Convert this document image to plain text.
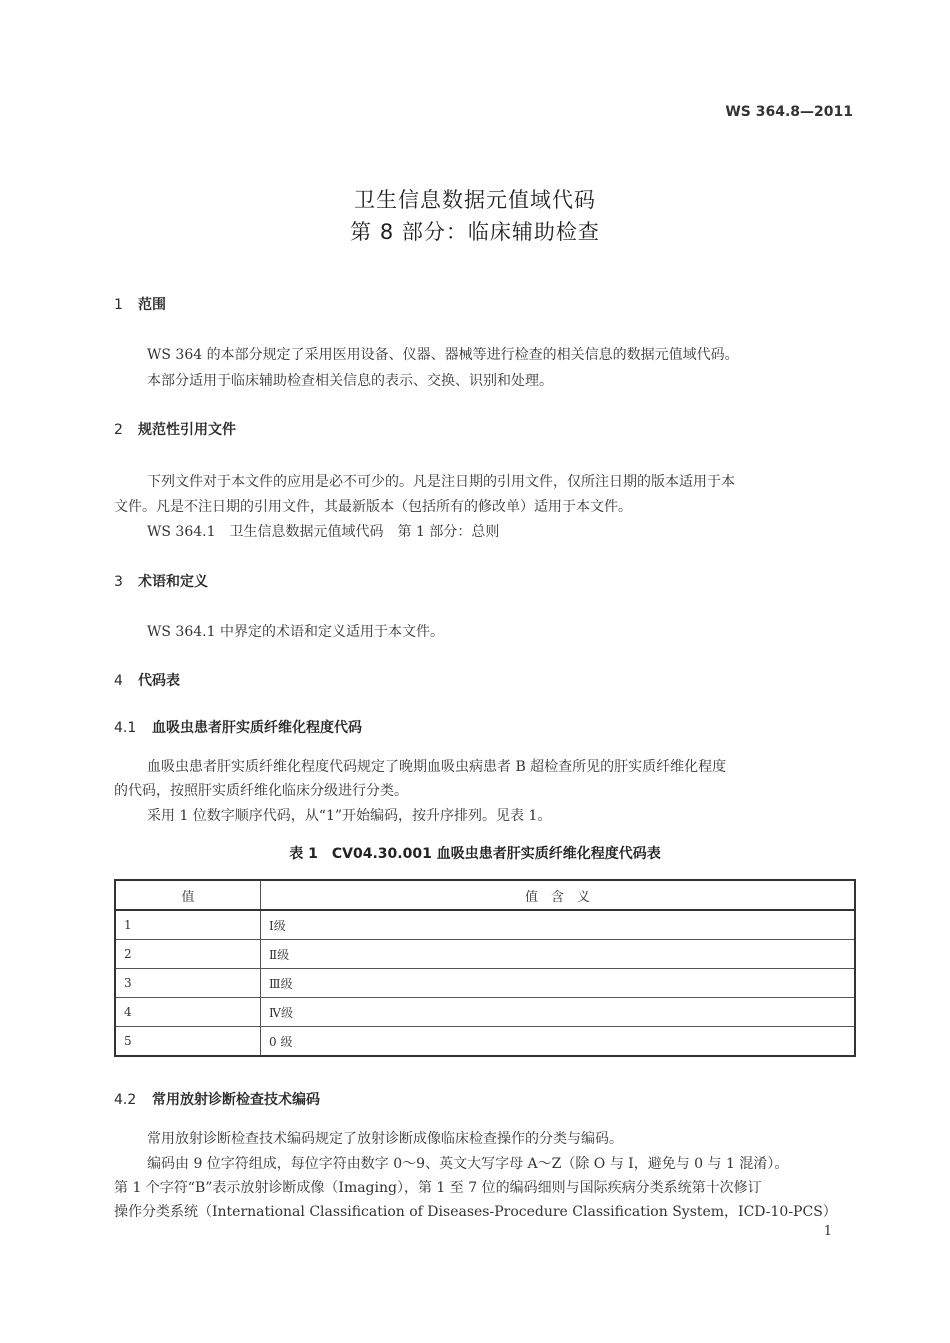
WS 364.8—2011
卫生信息数据元值域代码
第 8 部分：临床辅助检查
1 范围
WS 364 的本部分规定了采用医用设备、仪器、器械等进行检查的相关信息的数据元值域代码。
本部分适用于临床辅助检查相关信息的表示、交换、识别和处理。
2 规范性引用文件
下列文件对于本文件的应用是必不可少的。凡是注日期的引用文件，仅所注日期的版本适用于本
文件。凡是不注日期的引用文件，其最新版本（包括所有的修改单）适用于本文件。
WS 364.1　卫生信息数据元值域代码　第 1 部分：总则
3 术语和定义
WS 364.1 中界定的术语和定义适用于本文件。
4 代码表
4.1 血吸虫患者肝实质纤维化程度代码
血吸虫患者肝实质纤维化程度代码规定了晚期血吸虫病患者 B 超检查所见的肝实质纤维化程度
的代码，按照肝实质纤维化临床分级进行分类。
采用 1 位数字顺序代码，从“1”开始编码，按升序排列。见表 1。
表 1　CV04.30.001 血吸虫患者肝实质纤维化程度代码表
值	值　含　义
1	Ⅰ级
2	Ⅱ级
3	Ⅲ级
4	Ⅳ级
5	0 级
4.2 常用放射诊断检查技术编码
常用放射诊断检查技术编码规定了放射诊断成像临床检查操作的分类与编码。
编码由 9 位字符组成，每位字符由数字 0～9、英文大写字母 A～Z（除 O 与 I，避免与 0 与 1 混淆）。
第 1 个字符“B”表示放射诊断成像（Imaging），第 1 至 7 位的编码细则与国际疾病分类系统第十次修订
操作分类系统（International Classification of Diseases-Procedure Classification System，ICD-10-PCS）
1
